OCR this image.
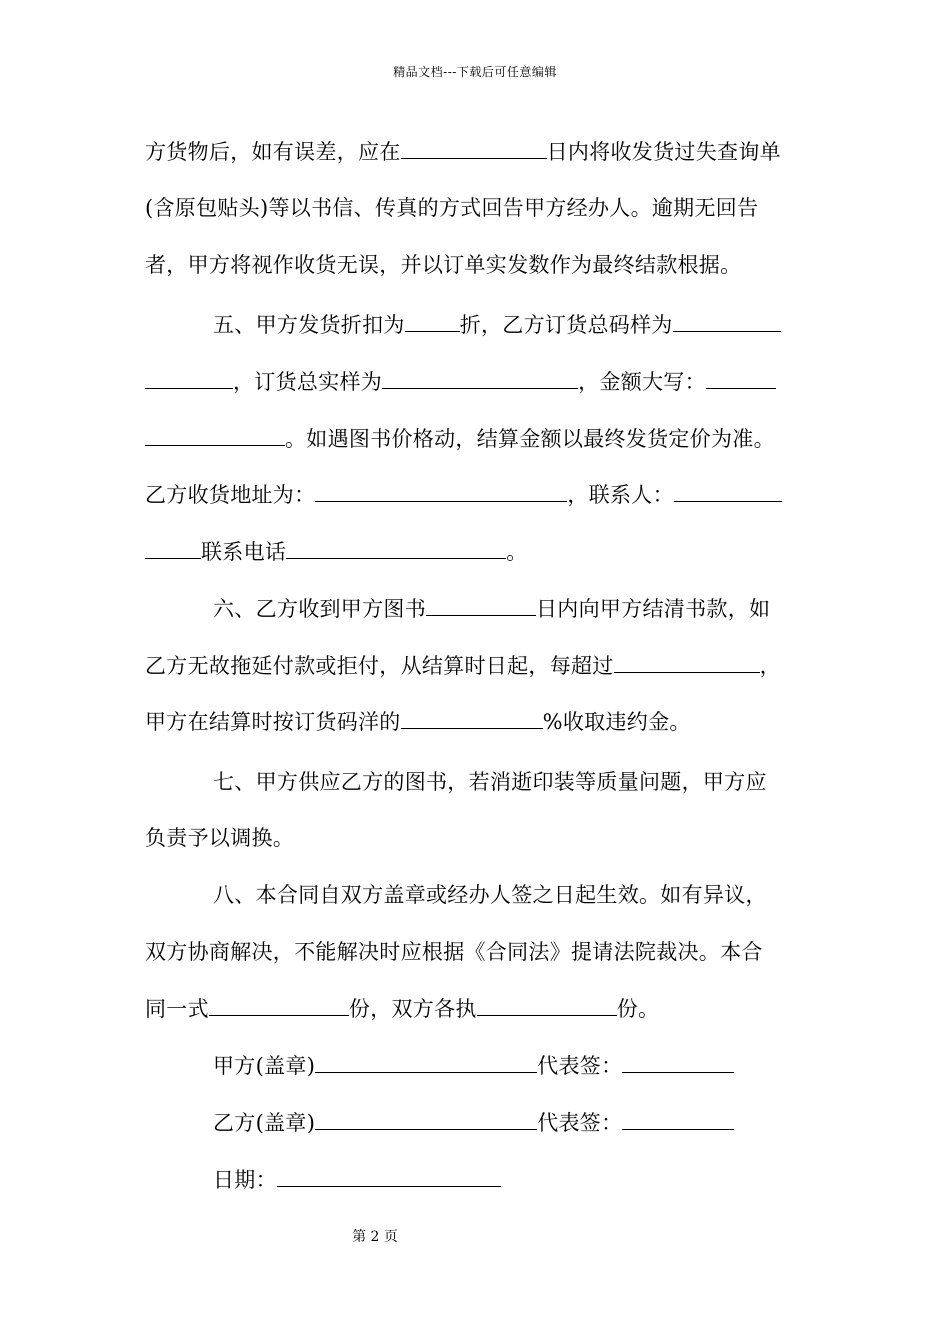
精品文档---下载后可任意编辑
方货物后，如有误差，应在	日内将收发货过失查询单
(含原包贴头)等以书信、传真的方式回告甲方经办人。逾期无回告
者，甲方将视作收货无误，并以订单实发数作为最终结款根据。
五、甲方发货折扣为	折，乙方订货总码样为
，订货总实样为	，金额大写：
。如遇图书价格动，结算金额以最终发货定价为准。
乙方收货地址为：	，联系人：
联系电话	。
六、乙方收到甲方图书	日内向甲方结清书款，如
乙方无故拖延付款或拒付，从结算时日起，每超过	，
甲方在结算时按订货码洋的	%收取违约金。
七、甲方供应乙方的图书，若消逝印装等质量问题，甲方应
负责予以调换。
八、本合同自双方盖章或经办人签之日起生效。如有异议，
双方协商解决，不能解决时应根据《合同法》提请法院裁决。本合
同一式	份，双方各执	份。
甲方(盖章)	代表签：
乙方(盖章)	代表签：
日期：
第 2 页
